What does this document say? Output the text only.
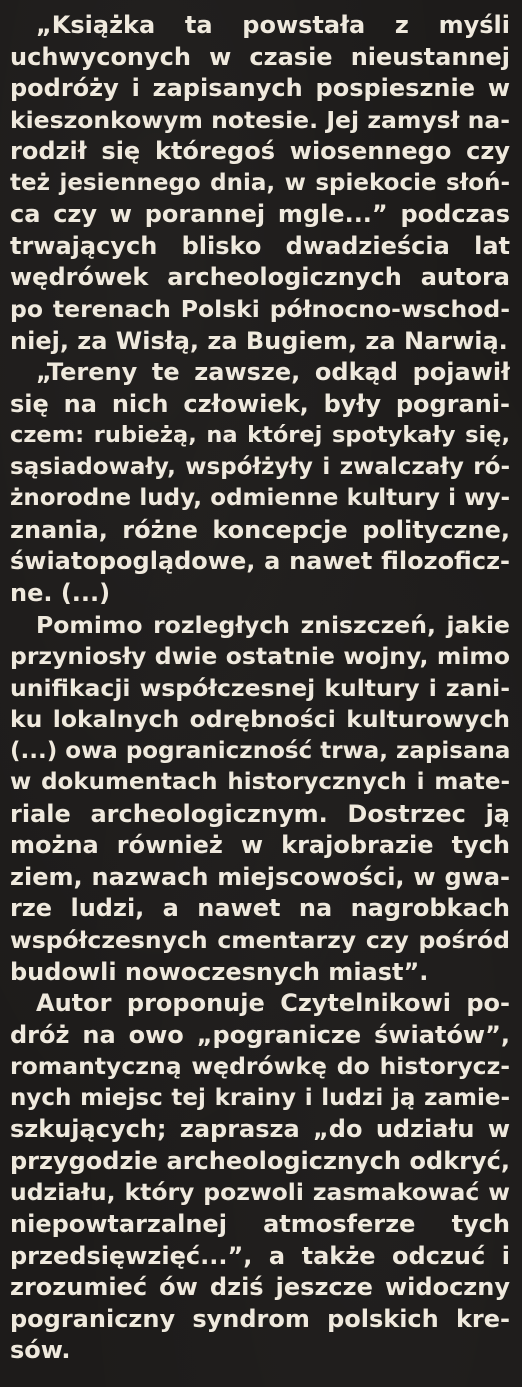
„Książka ta powstała z myśli
uchwyconych w czasie nieustannej
podróży i zapisanych pospiesznie w
kieszonkowym notesie. Jej zamysł na-
rodził się któregoś wiosennego czy
też jesiennego dnia, w spiekocie słoń-
ca czy w porannej mgle...” podczas
trwających blisko dwadzieścia lat
wędrówek archeologicznych autora
po terenach Polski północno-wschod-
niej, za Wisłą, za Bugiem, za Narwią.
„Tereny te zawsze, odkąd pojawił
się na nich człowiek, były pograni-
czem: rubieżą, na której spotykały się,
sąsiadowały, współżyły i zwalczały ró-
żnorodne ludy, odmienne kultury i wy-
znania, różne koncepcje polityczne,
światopoglądowe, a nawet filozoficz-
ne. (...)
Pomimo rozległych zniszczeń, jakie
przyniosły dwie ostatnie wojny, mimo
unifikacji współczesnej kultury i zani-
ku lokalnych odrębności kulturowych
(...) owa pograniczność trwa, zapisana
w dokumentach historycznych i mate-
riale archeologicznym. Dostrzec ją
można również w krajobrazie tych
ziem, nazwach miejscowości, w gwa-
rze ludzi, a nawet na nagrobkach
współczesnych cmentarzy czy pośród
budowli nowoczesnych miast”.
Autor proponuje Czytelnikowi po-
dróż na owo „pogranicze światów”,
romantyczną wędrówkę do historycz-
nych miejsc tej krainy i ludzi ją zamie-
szkujących; zaprasza „do udziału w
przygodzie archeologicznych odkryć,
udziału, który pozwoli zasmakować w
niepowtarzalnej atmosferze tych
przedsięwzięć...”, a także odczuć i
zrozumieć ów dziś jeszcze widoczny
pograniczny syndrom polskich kre-
sów.
